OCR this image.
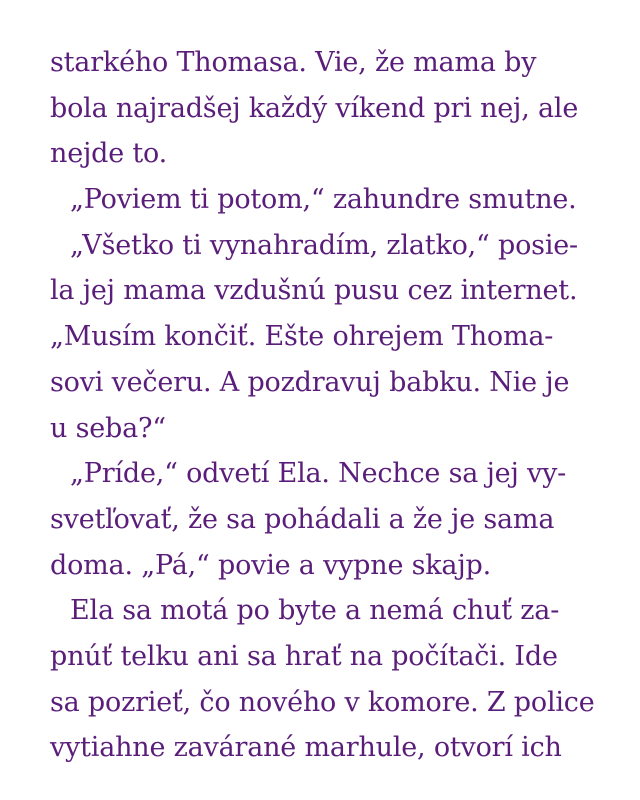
starkého Thomasa. Vie, že mama by
bola najradšej každý víkend pri nej, ale
nejde to.
„Poviem ti potom,“ zahundre smutne.
„Všetko ti vynahradím, zlatko,“ posie-
la jej mama vzdušnú pusu cez internet.
„Musím končiť. Ešte ohrejem Thoma-
sovi večeru. A pozdravuj babku. Nie je
u seba?“
„Príde,“ odvetí Ela. Nechce sa jej vy-
svetľovať, že sa pohádali a že je sama
doma. „Pá,“ povie a vypne skajp.
Ela sa motá po byte a nemá chuť za-
pnúť telku ani sa hrať na počítači. Ide
sa pozrieť, čo nového v komore. Z police
vytiahne zavárané marhule, otvorí ich
